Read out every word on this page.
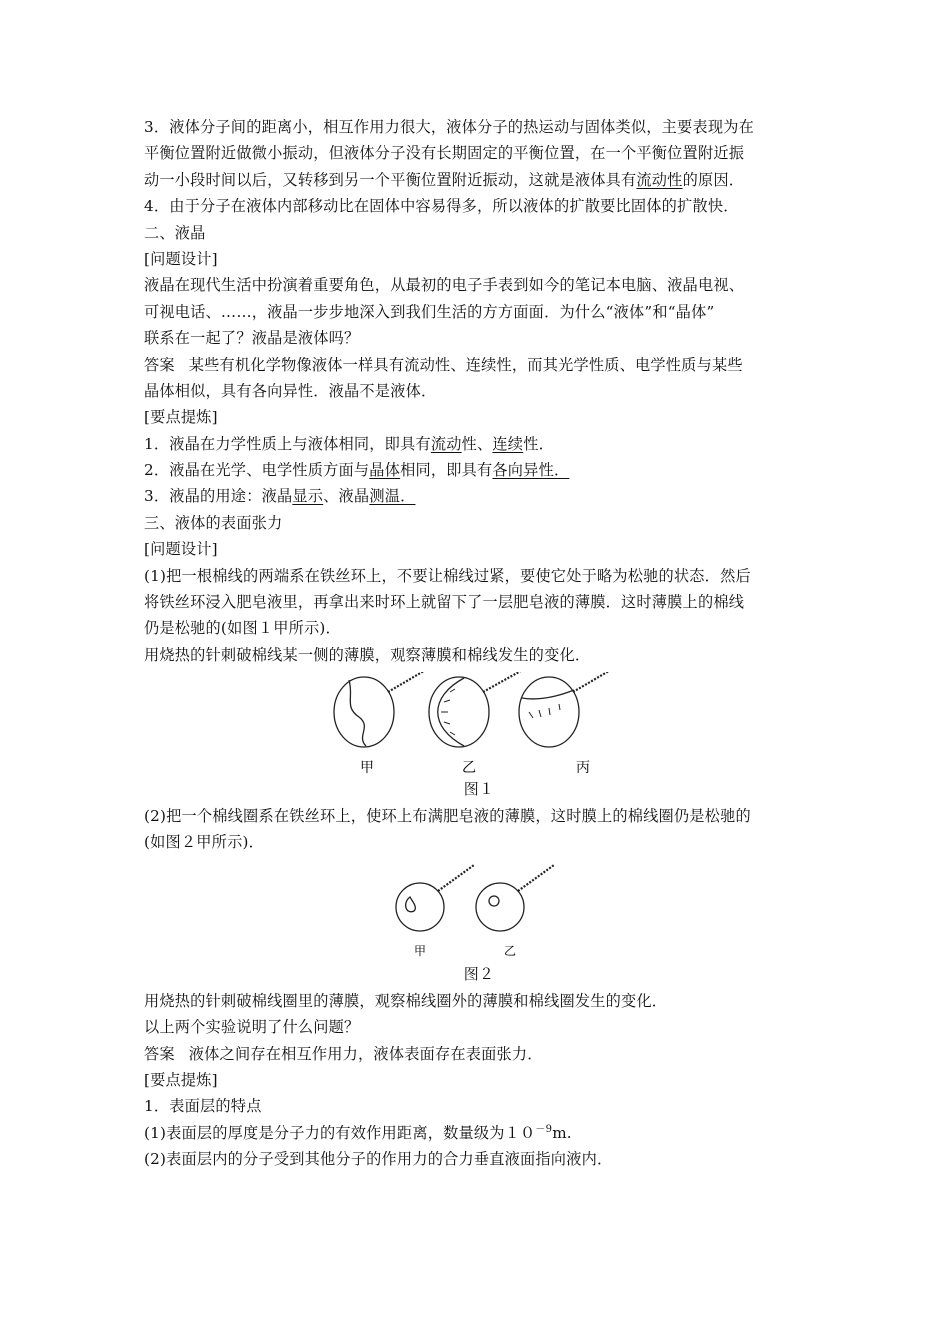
3．液体分子间的距离小，相互作用力很大，液体分子的热运动与固体类似，主要表现为在
平衡位置附近做微小振动，但液体分子没有长期固定的平衡位置，在一个平衡位置附近振
动一小段时间以后，又转移到另一个平衡位置附近振动，这就是液体具有流动性的原因．
4．由于分子在液体内部移动比在固体中容易得多，所以液体的扩散要比固体的扩散快．
二、液晶
[问题设计]
液晶在现代生活中扮演着重要角色，从最初的电子手表到如今的笔记本电脑、液晶电视、
可视电话、……，液晶一步步地深入到我们生活的方方面面．为什么“液体”和“晶体”
联系在一起了？液晶是液体吗？
答案 某些有机化学物像液体一样具有流动性、连续性，而其光学性质、电学性质与某些
晶体相似，具有各向异性．液晶不是液体．
[要点提炼]
1．液晶在力学性质上与液体相同，即具有流动性、连续性．
2．液晶在光学、电学性质方面与晶体相同，即具有各向异性．
3．液晶的用途：液晶显示、液晶测温．
三、液体的表面张力
[问题设计]
(1)把一根棉线的两端系在铁丝环上，不要让棉线过紧，要使它处于略为松驰的状态．然后
将铁丝环浸入肥皂液里，再拿出来时环上就留下了一层肥皂液的薄膜．这时薄膜上的棉线
仍是松驰的(如图１甲所示)．
用烧热的针刺破棉线某一侧的薄膜，观察薄膜和棉线发生的变化．
甲	乙	丙
图１
(2)把一个棉线圈系在铁丝环上，使环上布满肥皂液的薄膜，这时膜上的棉线圈仍是松驰的
(如图２甲所示)．
甲	乙
图２
用烧热的针刺破棉线圈里的薄膜，观察棉线圈外的薄膜和棉线圈发生的变化．
以上两个实验说明了什么问题？
答案 液体之间存在相互作用力，液体表面存在表面张力．
[要点提炼]
1．表面层的特点
(1)表面层的厚度是分子力的有效作用距离，数量级为$10^{-9}m$.
(2)表面层内的分子受到其他分子的作用力的合力垂直液面指向液内．
